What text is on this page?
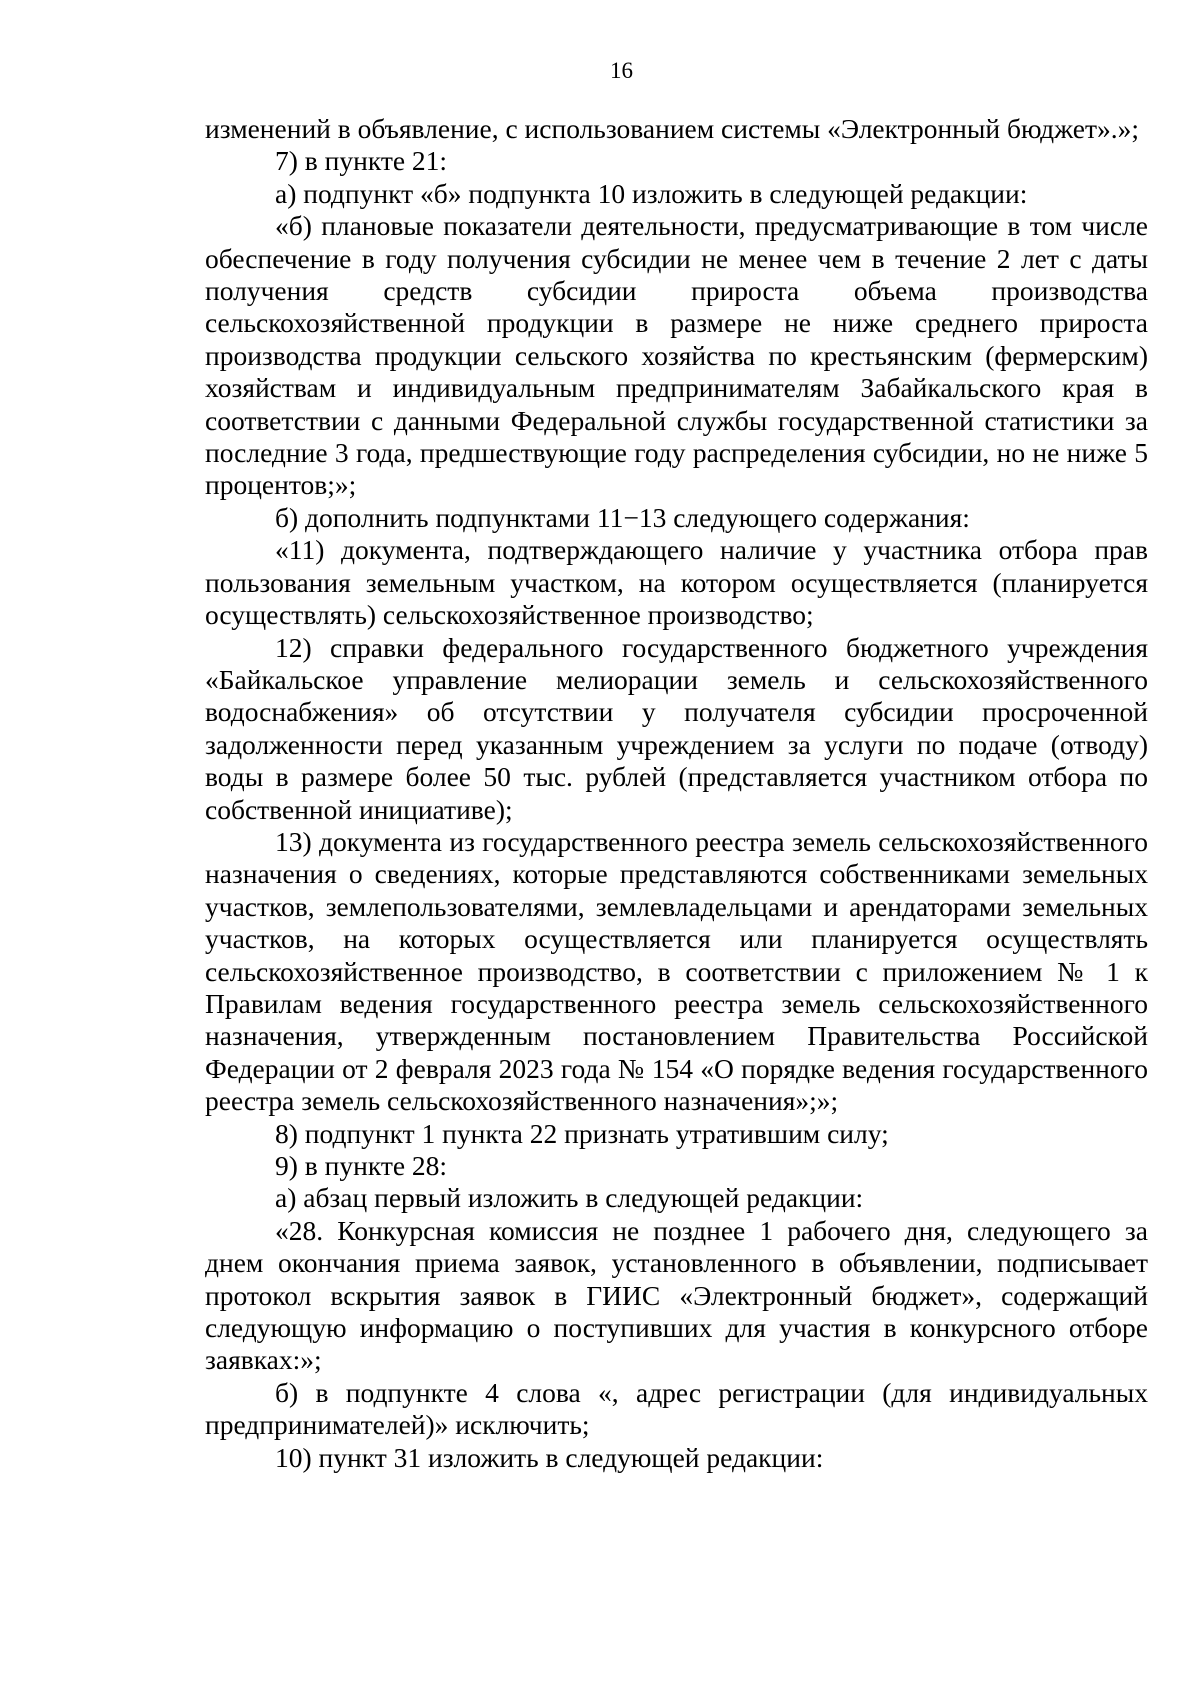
16

изменений в объявление, с использованием системы «Электронный бюджет».»;

7) в пункте 21:

а) подпункт «б» подпункта 10 изложить в следующей редакции:

«б) плановые показатели деятельности, предусматривающие в том числе обеспечение в году получения субсидии не менее чем в течение 2 лет с даты получения средств субсидии прироста объема производства сельскохозяйственной продукции в размере не ниже среднего прироста производства продукции сельского хозяйства по крестьянским (фермерским) хозяйствам и индивидуальным предпринимателям Забайкальского края в соответствии с данными Федеральной службы государственной статистики за последние 3 года, предшествующие году распределения субсидии, но не ниже 5 процентов;»;

б) дополнить подпунктами 11−13 следующего содержания:

«11) документа, подтверждающего наличие у участника отбора прав пользования земельным участком, на котором осуществляется (планируется осуществлять) сельскохозяйственное производство;

12) справки федерального государственного бюджетного учреждения «Байкальское управление мелиорации земель и сельскохозяйственного водоснабжения» об отсутствии у получателя субсидии просроченной задолженности перед указанным учреждением за услуги по подаче (отводу) воды в размере более 50 тыс. рублей (представляется участником отбора по собственной инициативе);

13) документа из государственного реестра земель сельскохозяйственного назначения о сведениях, которые представляются собственниками земельных участков, землепользователями, землевладельцами и арендаторами земельных участков, на которых осуществляется или планируется осуществлять сельскохозяйственное производство, в соответствии с приложением № 1 к Правилам ведения государственного реестра земель сельскохозяйственного назначения, утвержденным постановлением Правительства Российской Федерации от 2 февраля 2023 года № 154 «О порядке ведения государственного реестра земель сельскохозяйственного назначения»;»;

8) подпункт 1 пункта 22 признать утратившим силу;

9) в пункте 28:

а) абзац первый изложить в следующей редакции:

«28. Конкурсная комиссия не позднее 1 рабочего дня, следующего за днем окончания приема заявок, установленного в объявлении, подписывает протокол вскрытия заявок в ГИИС «Электронный бюджет», содержащий следующую информацию о поступивших для участия в конкурсного отборе заявках:»;

б) в подпункте 4 слова «, адрес регистрации (для индивидуальных предпринимателей)» исключить;

10) пункт 31 изложить в следующей редакции:
